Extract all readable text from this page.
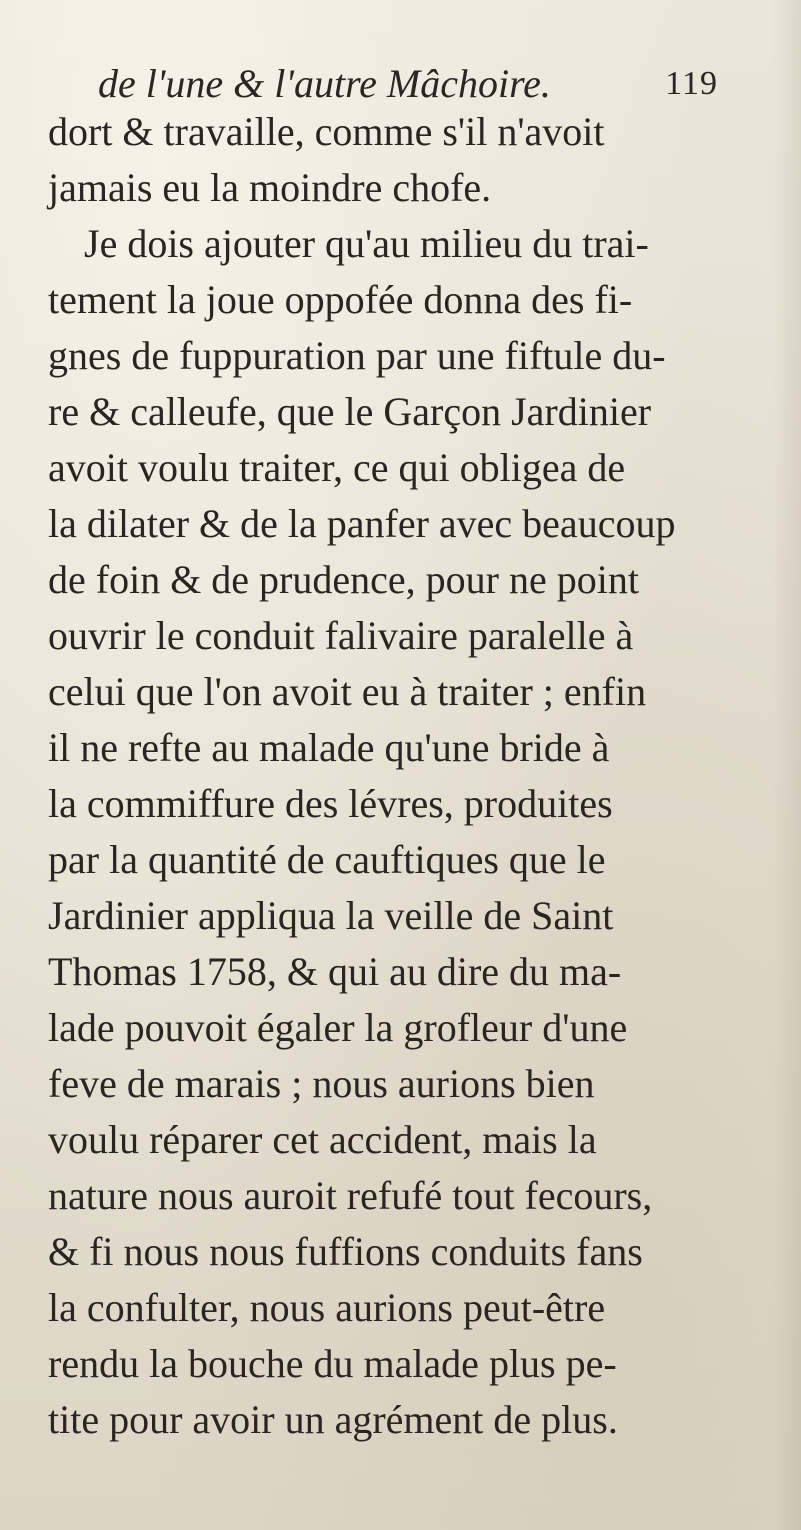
de l'une & l'autre Mâchoire.	119
dort & travaille, comme s'il n'avoit
jamais eu la moindre chofe.
Je dois ajouter qu'au milieu du trai-
tement la joue oppofée donna des fi-
gnes de fuppuration par une fiftule du-
re & calleufe, que le Garçon Jardinier
avoit voulu traiter, ce qui obligea de
la dilater & de la panfer avec beaucoup
de foin & de prudence, pour ne point
ouvrir le conduit falivaire paralelle à
celui que l'on avoit eu à traiter ; enfin
il ne refte au malade qu'une bride à
la commiffure des lévres, produites
par la quantité de cauftiques que le
Jardinier appliqua la veille de Saint
Thomas 1758, & qui au dire du ma-
lade pouvoit égaler la grofleur d'une
feve de marais ; nous aurions bien
voulu réparer cet accident, mais la
nature nous auroit refufé tout fecours,
& fi nous nous fuffions conduits fans
la confulter, nous aurions peut-être
rendu la bouche du malade plus pe-
tite pour avoir un agrément de plus.
